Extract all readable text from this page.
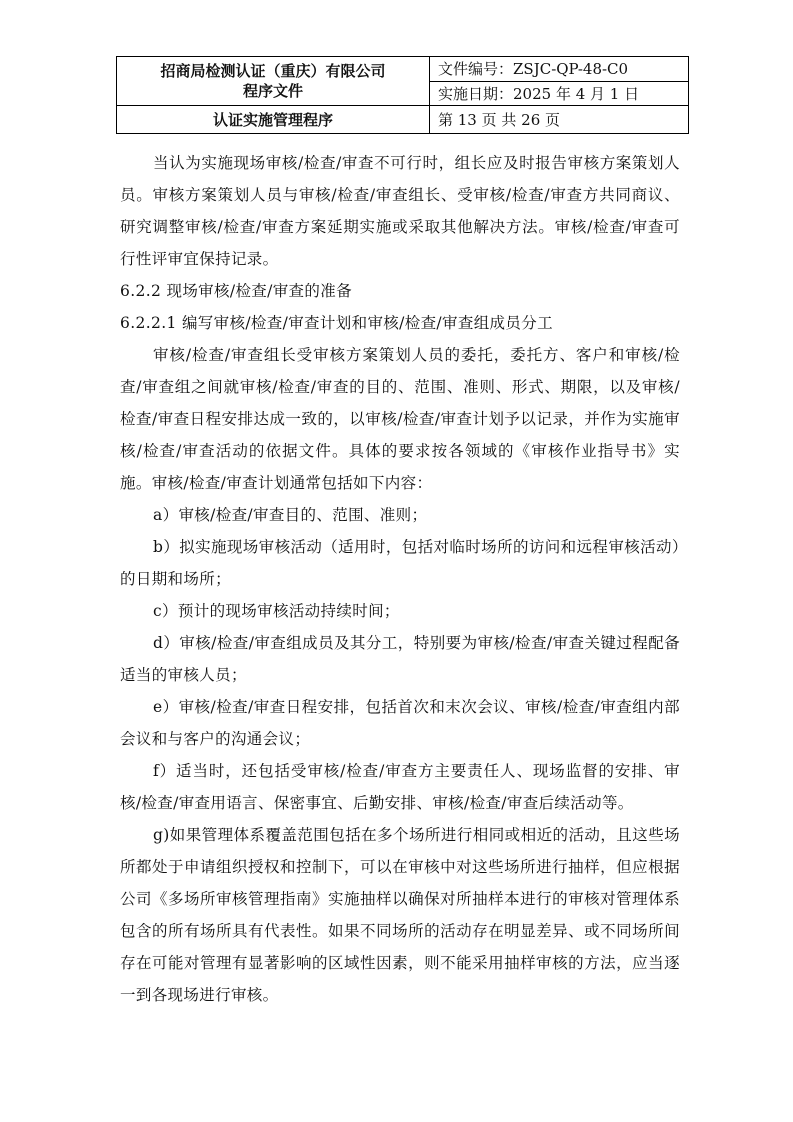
招商局检测认证（重庆）有限公司
程序文件	文件编号：ZSJC-QP-48-C0
	实施日期：2025 年 4 月 1 日
认证实施管理程序	第 13 页 共 26 页

当认为实施现场审核/检查/审查不可行时，组长应及时报告审核方案策划人员。审核方案策划人员与审核/检查/审查组长、受审核/检查/审查方共同商议、研究调整审核/检查/审查方案延期实施或采取其他解决方法。审核/检查/审查可行性评审宜保持记录。

6.2.2 现场审核/检查/审查的准备

6.2.2.1 编写审核/检查/审查计划和审核/检查/审查组成员分工

审核/检查/审查组长受审核方案策划人员的委托，委托方、客户和审核/检查/审查组之间就审核/检查/审查的目的、范围、准则、形式、期限，以及审核/检查/审查日程安排达成一致的，以审核/检查/审查计划予以记录，并作为实施审核/检查/审查活动的依据文件。具体的要求按各领域的《审核作业指导书》实施。审核/检查/审查计划通常包括如下内容：

a）审核/检查/审查目的、范围、准则；

b）拟实施现场审核活动（适用时，包括对临时场所的访问和远程审核活动）的日期和场所；

c）预计的现场审核活动持续时间；

d）审核/检查/审查组成员及其分工，特别要为审核/检查/审查关键过程配备适当的审核人员；

e）审核/检查/审查日程安排，包括首次和末次会议、审核/检查/审查组内部会议和与客户的沟通会议；

f）适当时，还包括受审核/检查/审查方主要责任人、现场监督的安排、审核/检查/审查用语言、保密事宜、后勤安排、审核/检查/审查后续活动等。

g)如果管理体系覆盖范围包括在多个场所进行相同或相近的活动，且这些场所都处于申请组织授权和控制下，可以在审核中对这些场所进行抽样，但应根据公司《多场所审核管理指南》实施抽样以确保对所抽样本进行的审核对管理体系包含的所有场所具有代表性。如果不同场所的活动存在明显差异、或不同场所间存在可能对管理有显著影响的区域性因素，则不能采用抽样审核的方法，应当逐一到各现场进行审核。
